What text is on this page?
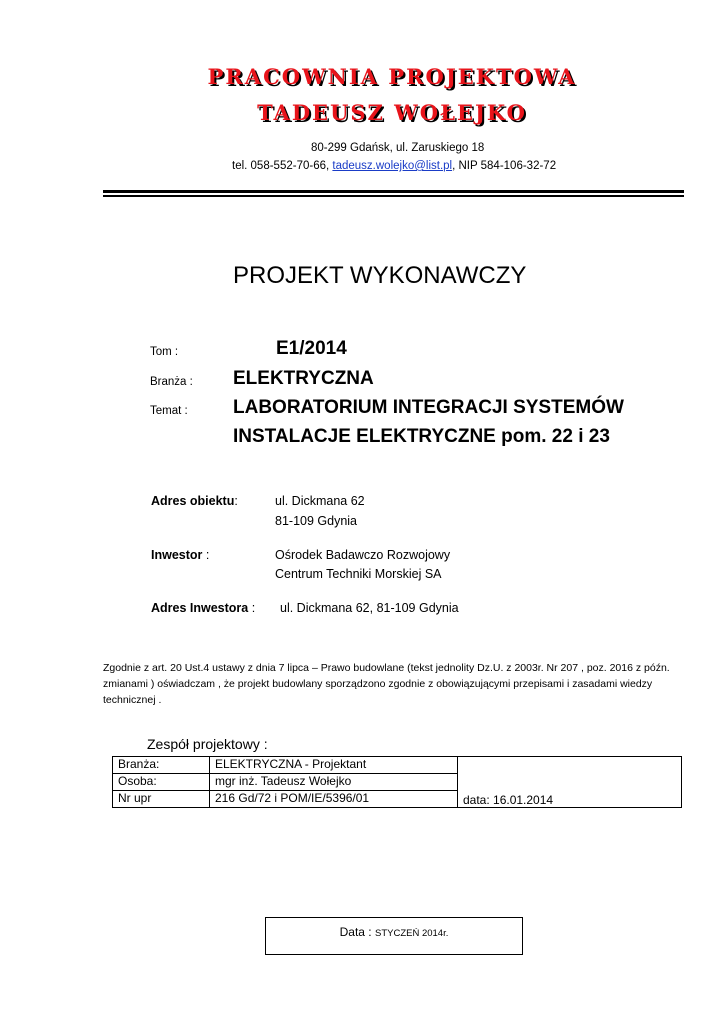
PRACOWNIA PROJEKTOWA
TADEUSZ WOŁEJKO
80-299 Gdańsk, ul. Zaruskiego 18
tel. 058-552-70-66, tadeusz.wolejko@list.pl, NIP 584-106-32-72
PROJEKT WYKONAWCZY
Tom :	E1/2014
Branża : ELEKTRYCZNA
Temat : LABORATORIUM INTEGRACJI SYSTEMÓW
INSTALACJE ELEKTRYCZNE pom. 22 i 23
Adres obiektu:	ul. Dickmana 62
81-109 Gdynia
Inwestor :	Ośrodek Badawczo Rozwojowy
Centrum Techniki Morskiej SA
Adres Inwestora : ul. Dickmana 62, 81-109 Gdynia
Zgodnie z art. 20 Ust.4 ustawy z dnia 7 lipca – Prawo budowlane (tekst jednolity Dz.U. z 2003r. Nr 207 , poz. 2016 z późn. zmianami ) oświadczam , że projekt budowlany sporządzono zgodnie z obowiązującymi przepisami i zasadami wiedzy technicznej .
Zespół projektowy :
Branża:	ELEKTRYCZNA - Projektant	data: 16.01.2014
Osoba:	mgr inż. Tadeusz Wołejko	
Nr upr	216 Gd/72 i POM/IE/5396/01	
Data : STYCZEŃ 2014r.
